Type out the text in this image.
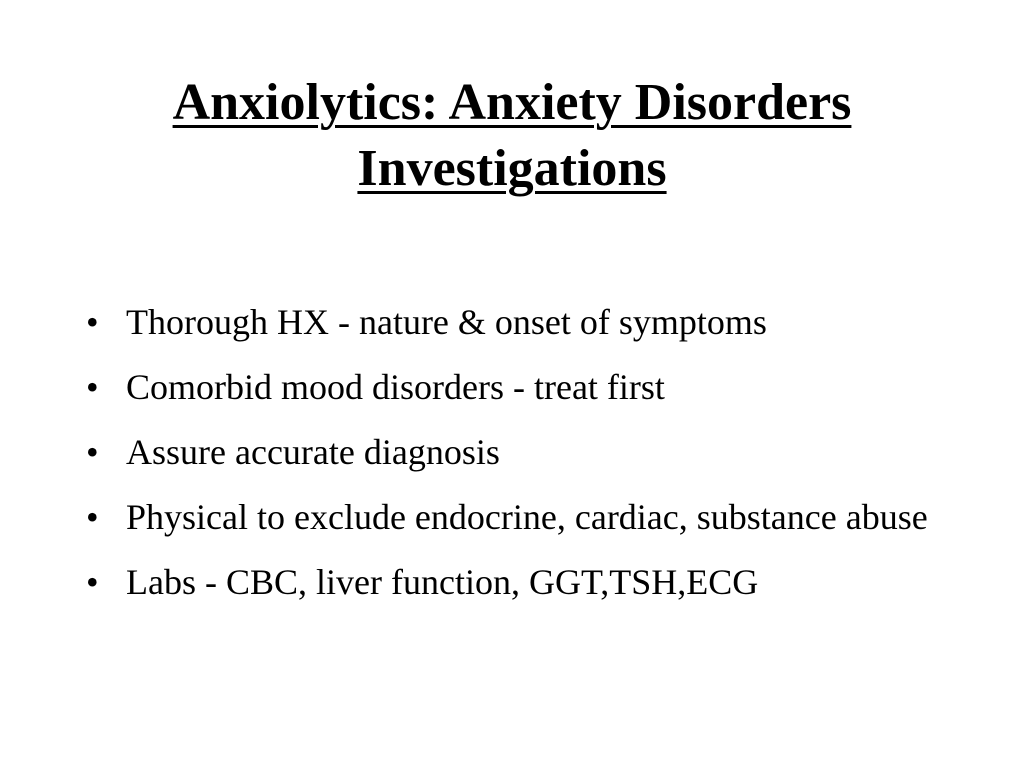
Anxiolytics: Anxiety Disorders
Investigations
• Thorough HX - nature & onset of symptoms
• Comorbid mood disorders - treat first
• Assure accurate diagnosis
• Physical to exclude endocrine, cardiac, substance abuse
• Labs - CBC, liver function, GGT,TSH,ECG
